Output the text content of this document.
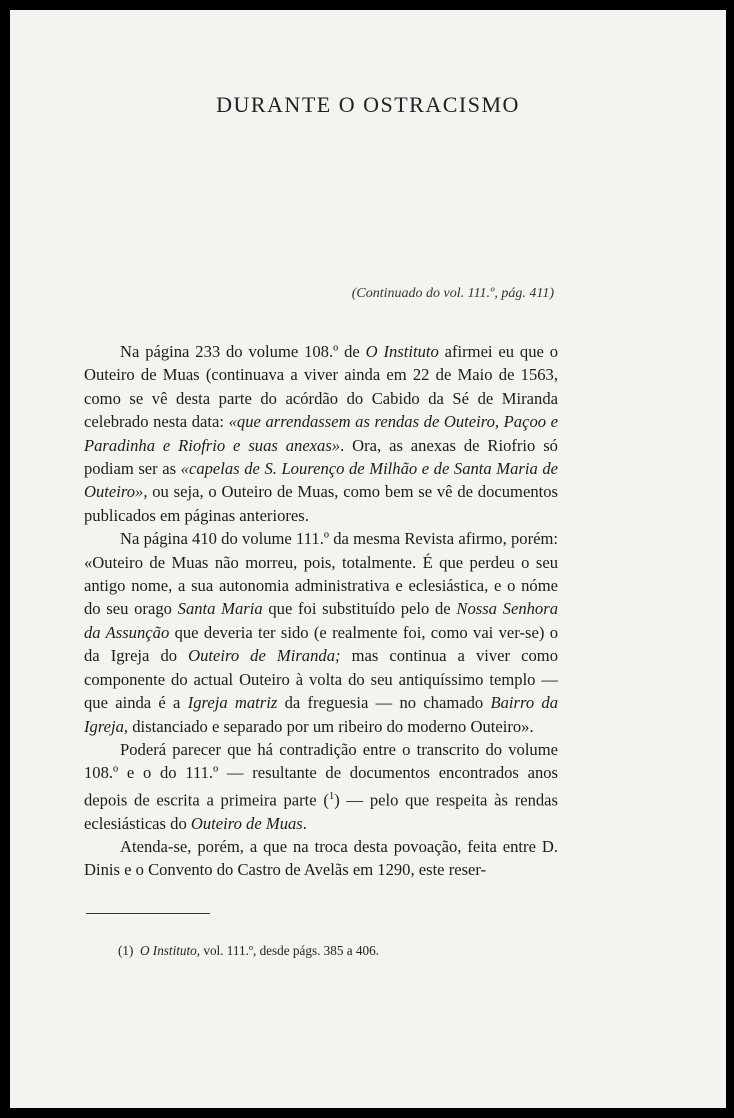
DURANTE O OSTRACISMO
(Continuado do vol. 111.º, pág. 411)

Na página 233 do volume 108.º de O Instituto afirmei eu que o Outeiro de Muas (continuava a viver ainda em 22 de Maio de 1563, como se vê desta parte do acórdão do Cabido da Sé de Miranda celebrado nesta data: «que arrendassem as rendas de Outeiro, Paçoo e Paradinha e Riofrio e suas anexas». Ora, as anexas de Riofrio só podiam ser as «capelas de S. Lourenço de Milhão e de Santa Maria de Outeiro», ou seja, o Outeiro de Muas, como bem se vê de documentos publicados em páginas anteriores.

Na página 410 do volume 111.º da mesma Revista afirmo, porém: «Outeiro de Muas não morreu, pois, totalmente. É que perdeu o seu antigo nome, a sua autonomia administrativa e eclesiástica, e o nóme do seu orago Santa Maria que foi substituído pelo de Nossa Senhora da Assunção que deveria ter sido (e realmente foi, como vai ver-se) o da Igreja do Outeiro de Miranda; mas continua a viver como componente do actual Outeiro à volta do seu antiquíssimo templo — que ainda é a Igreja matriz da freguesia — no chamado Bairro da Igreja, distanciado e separado por um ribeiro do moderno Outeiro».

Poderá parecer que há contradição entre o transcrito do volume 108.º e o do 111.º — resultante de documentos encontrados anos depois de escrita a primeira parte ($^1$) — pelo que respeita às rendas eclesiásticas do Outeiro de Muas.

Atenda-se, porém, a que na troca desta povoação, feita entre D. Dinis e o Convento do Castro de Avelãs em 1290, este reser-

(1) O Instituto, vol. 111.º, desde págs. 385 a 406.
